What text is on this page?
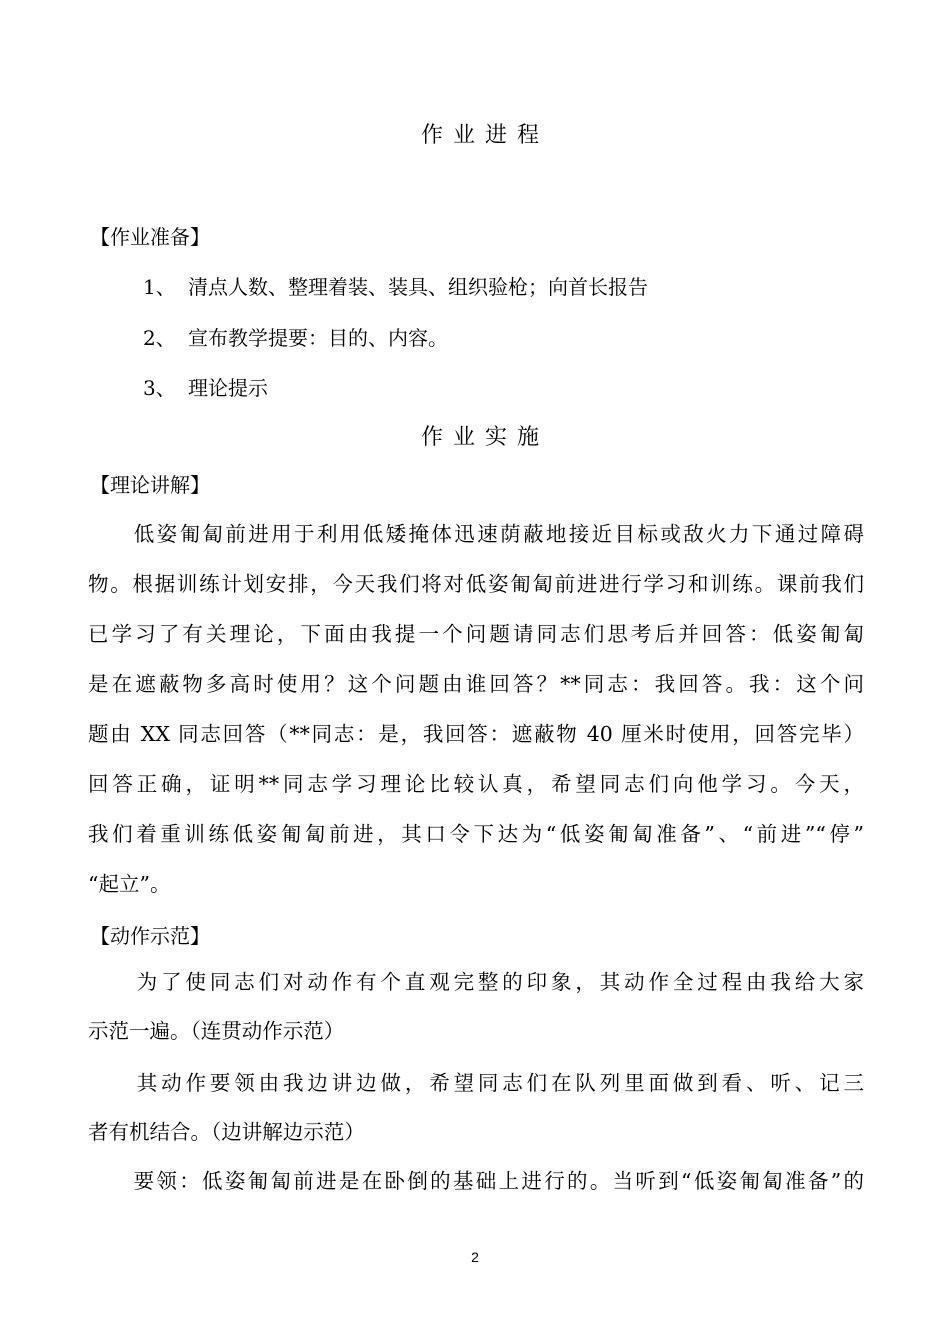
作业进程
【作业准备】
1、 清点人数、整理着装、装具、组织验枪；向首长报告
2、 宣布教学提要：目的、内容。
3、 理论提示
作业实施
【理论讲解】
　　低姿匍匐前进用于利用低矮掩体迅速荫蔽地接近目标或敌火力下通过障碍
物。根据训练计划安排，今天我们将对低姿匍匐前进进行学习和训练。课前我们
已学习了有关理论，下面由我提一个问题请同志们思考后并回答：低姿匍匐
是在遮蔽物多高时使用？这个问题由谁回答？**同志：我回答。我：这个问
题由 XX 同志回答（**同志：是，我回答：遮蔽物 40 厘米时使用，回答完毕）
回答正确，证明**同志学习理论比较认真，希望同志们向他学习。今天，
我们着重训练低姿匍匐前进，其口令下达为“低姿匍匐准备”、“前进”“停”
“起立”。
【动作示范】
　　为了使同志们对动作有个直观完整的印象，其动作全过程由我给大家
示范一遍。（连贯动作示范）
　　其动作要领由我边讲边做，希望同志们在队列里面做到看、听、记三
者有机结合。（边讲解边示范）
　　要领：低姿匍匐前进是在卧倒的基础上进行的。当听到“低姿匍匐准备”的
2
